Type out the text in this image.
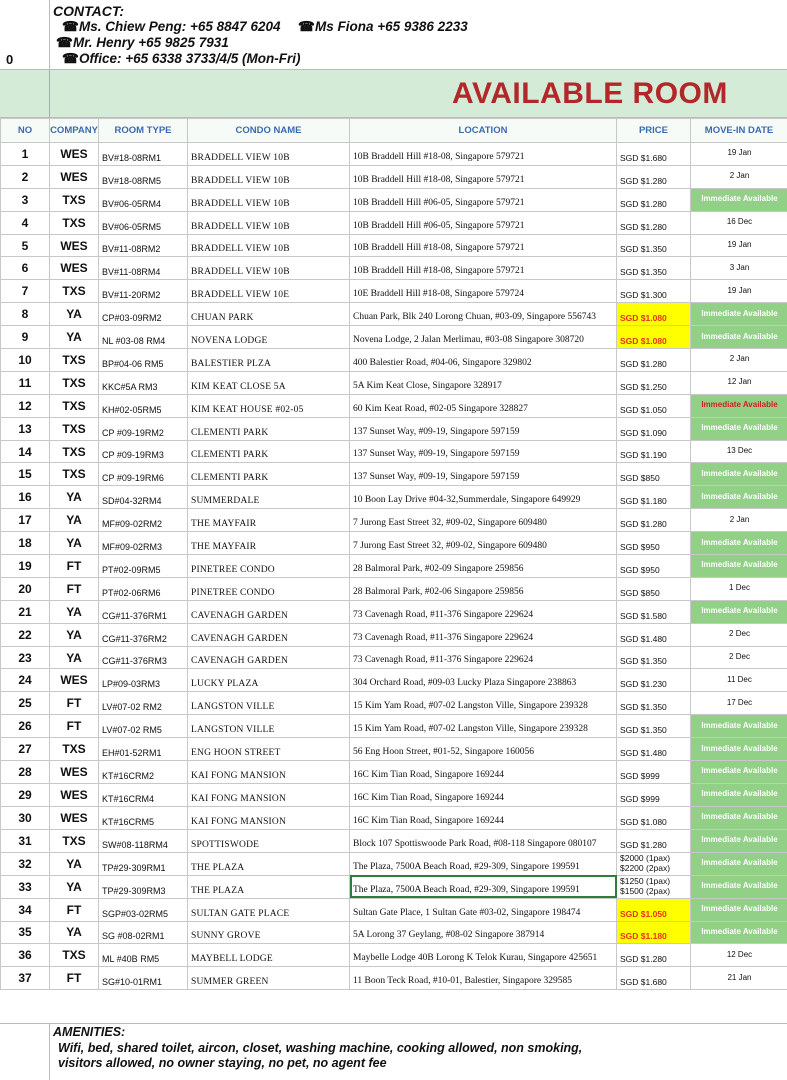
0
CONTACT:
☎Ms. Chiew Peng: +65 8847 6204 ☎Ms Fiona +65 9386 2233
☎Mr. Henry +65 9825 7931
☎Office: +65 6338 3733/4/5 (Mon-Fri)
AVAILABLE ROOM
NO	COMPANY	ROOM TYPE	CONDO NAME	LOCATION	PRICE	MOVE-IN DATE
1	WES	BV#18-08RM1	BRADDELL VIEW 10B	10B Braddell Hill #18-08, Singapore 579721	SGD $1.680	19 Jan
2	WES	BV#18-08RM5	BRADDELL VIEW 10B	10B Braddell Hill #18-08, Singapore 579721	SGD $1.280	2 Jan
3	TXS	BV#06-05RM4	BRADDELL VIEW 10B	10B Braddell Hill #06-05, Singapore 579721	SGD $1.280	Immediate Available
4	TXS	BV#06-05RM5	BRADDELL VIEW 10B	10B Braddell Hill #06-05, Singapore 579721	SGD $1.280	16 Dec
5	WES	BV#11-08RM2	BRADDELL VIEW 10B	10B Braddell Hill #18-08, Singapore 579721	SGD $1.350	19 Jan
6	WES	BV#11-08RM4	BRADDELL VIEW 10B	10B Braddell Hill #18-08, Singapore 579721	SGD $1.350	3 Jan
7	TXS	BV#11-20RM2	BRADDELL VIEW 10E	10E Braddell Hill #18-08, Singapore 579724	SGD $1.300	19 Jan
8	YA	CP#03-09RM2	CHUAN PARK	Chuan Park, Blk 240 Lorong Chuan, #03-09, Singapore 556743	SGD $1.080	Immediate Available
9	YA	NL #03-08 RM4	NOVENA LODGE	Novena Lodge, 2 Jalan Merlimau, #03-08 Singapore 308720	SGD $1.080	Immediate Available
10	TXS	BP#04-06 RM5	BALESTIER PLZA	400 Balestier Road, #04-06, Singapore 329802	SGD $1.280	2 Jan
11	TXS	KKC#5A RM3	KIM KEAT CLOSE 5A	5A Kim Keat Close, Singapore 328917	SGD $1.250	12 Jan
12	TXS	KH#02-05RM5	KIM KEAT HOUSE #02-05	60 Kim Keat Road, #02-05 Singapore 328827	SGD $1.050	Immediate Available
13	TXS	CP #09-19RM2	CLEMENTI PARK	137 Sunset Way, #09-19, Singapore 597159	SGD $1.090	Immediate Available
14	TXS	CP #09-19RM3	CLEMENTI PARK	137 Sunset Way, #09-19, Singapore 597159	SGD $1.190	13 Dec
15	TXS	CP #09-19RM6	CLEMENTI PARK	137 Sunset Way, #09-19, Singapore 597159	SGD $850	Immediate Available
16	YA	SD#04-32RM4	SUMMERDALE	10 Boon Lay Drive #04-32,Summerdale, Singapore 649929	SGD $1.180	Immediate Available
17	YA	MF#09-02RM2	THE MAYFAIR	7 Jurong East Street 32, #09-02, Singapore 609480	SGD $1.280	2 Jan
18	YA	MF#09-02RM3	THE MAYFAIR	7 Jurong East Street 32, #09-02, Singapore 609480	SGD $950	Immediate Available
19	FT	PT#02-09RM5	PINETREE CONDO	28 Balmoral Park, #02-09 Singapore 259856	SGD $950	Immediate Available
20	FT	PT#02-06RM6	PINETREE CONDO	28 Balmoral Park, #02-06 Singapore 259856	SGD $850	1 Dec
21	YA	CG#11-376RM1	CAVENAGH GARDEN	73 Cavenagh Road, #11-376 Singapore 229624	SGD $1.580	Immediate Available
22	YA	CG#11-376RM2	CAVENAGH GARDEN	73 Cavenagh Road, #11-376 Singapore 229624	SGD $1.480	2 Dec
23	YA	CG#11-376RM3	CAVENAGH GARDEN	73 Cavenagh Road, #11-376 Singapore 229624	SGD $1.350	2 Dec
24	WES	LP#09-03RM3	LUCKY PLAZA	304 Orchard Road, #09-03 Lucky Plaza Singapore 238863	SGD $1.230	11 Dec
25	FT	LV#07-02 RM2	LANGSTON VILLE	15 Kim Yam Road, #07-02 Langston Ville, Singapore 239328	SGD $1.350	17 Dec
26	FT	LV#07-02 RM5	LANGSTON VILLE	15 Kim Yam Road, #07-02 Langston Ville, Singapore 239328	SGD $1.350	Immediate Available
27	TXS	EH#01-52RM1	ENG HOON STREET	56 Eng Hoon Street, #01-52, Singapore 160056	SGD $1.480	Immediate Available
28	WES	KT#16CRM2	KAI FONG MANSION	16C Kim Tian Road, Singapore 169244	SGD $999	Immediate Available
29	WES	KT#16CRM4	KAI FONG MANSION	16C Kim Tian Road, Singapore 169244	SGD $999	Immediate Available
30	WES	KT#16CRM5	KAI FONG MANSION	16C Kim Tian Road, Singapore 169244	SGD $1.080	Immediate Available
31	TXS	SW#08-118RM4	SPOTTISWODE	Block 107 Spottiswoode Park Road, #08-118 Singapore 080107	SGD $1.280	Immediate Available
32	YA	TP#29-309RM1	THE PLAZA	The Plaza, 7500A Beach Road, #29-309, Singapore 199591	$2000 (1pax) $2200 (2pax)	Immediate Available
33	YA	TP#29-309RM3	THE PLAZA	The Plaza, 7500A Beach Road, #29-309, Singapore 199591	$1250 (1pax) $1500 (2pax)	Immediate Available
34	FT	SGP#03-02RM5	SULTAN GATE PLACE	Sultan Gate Place, 1 Sultan Gate #03-02, Singapore 198474	SGD $1.050	Immediate Available
35	YA	SG #08-02RM1	SUNNY GROVE	5A Lorong 37 Geylang, #08-02 Singapore 387914	SGD $1.180	Immediate Available
36	TXS	ML #40B RM5	MAYBELL LODGE	Maybelle Lodge 40B Lorong K Telok Kurau, Singapore 425651	SGD $1.280	12 Dec
37	FT	SG#10-01RM1	SUMMER GREEN	11 Boon Teck Road, #10-01, Balestier, Singapore 329585	SGD $1.680	21 Jan
AMENITIES:
Wifi, bed, shared toilet, aircon, closet, washing machine, cooking allowed, non smoking, visitors allowed, no owner staying, no pet, no agent fee
